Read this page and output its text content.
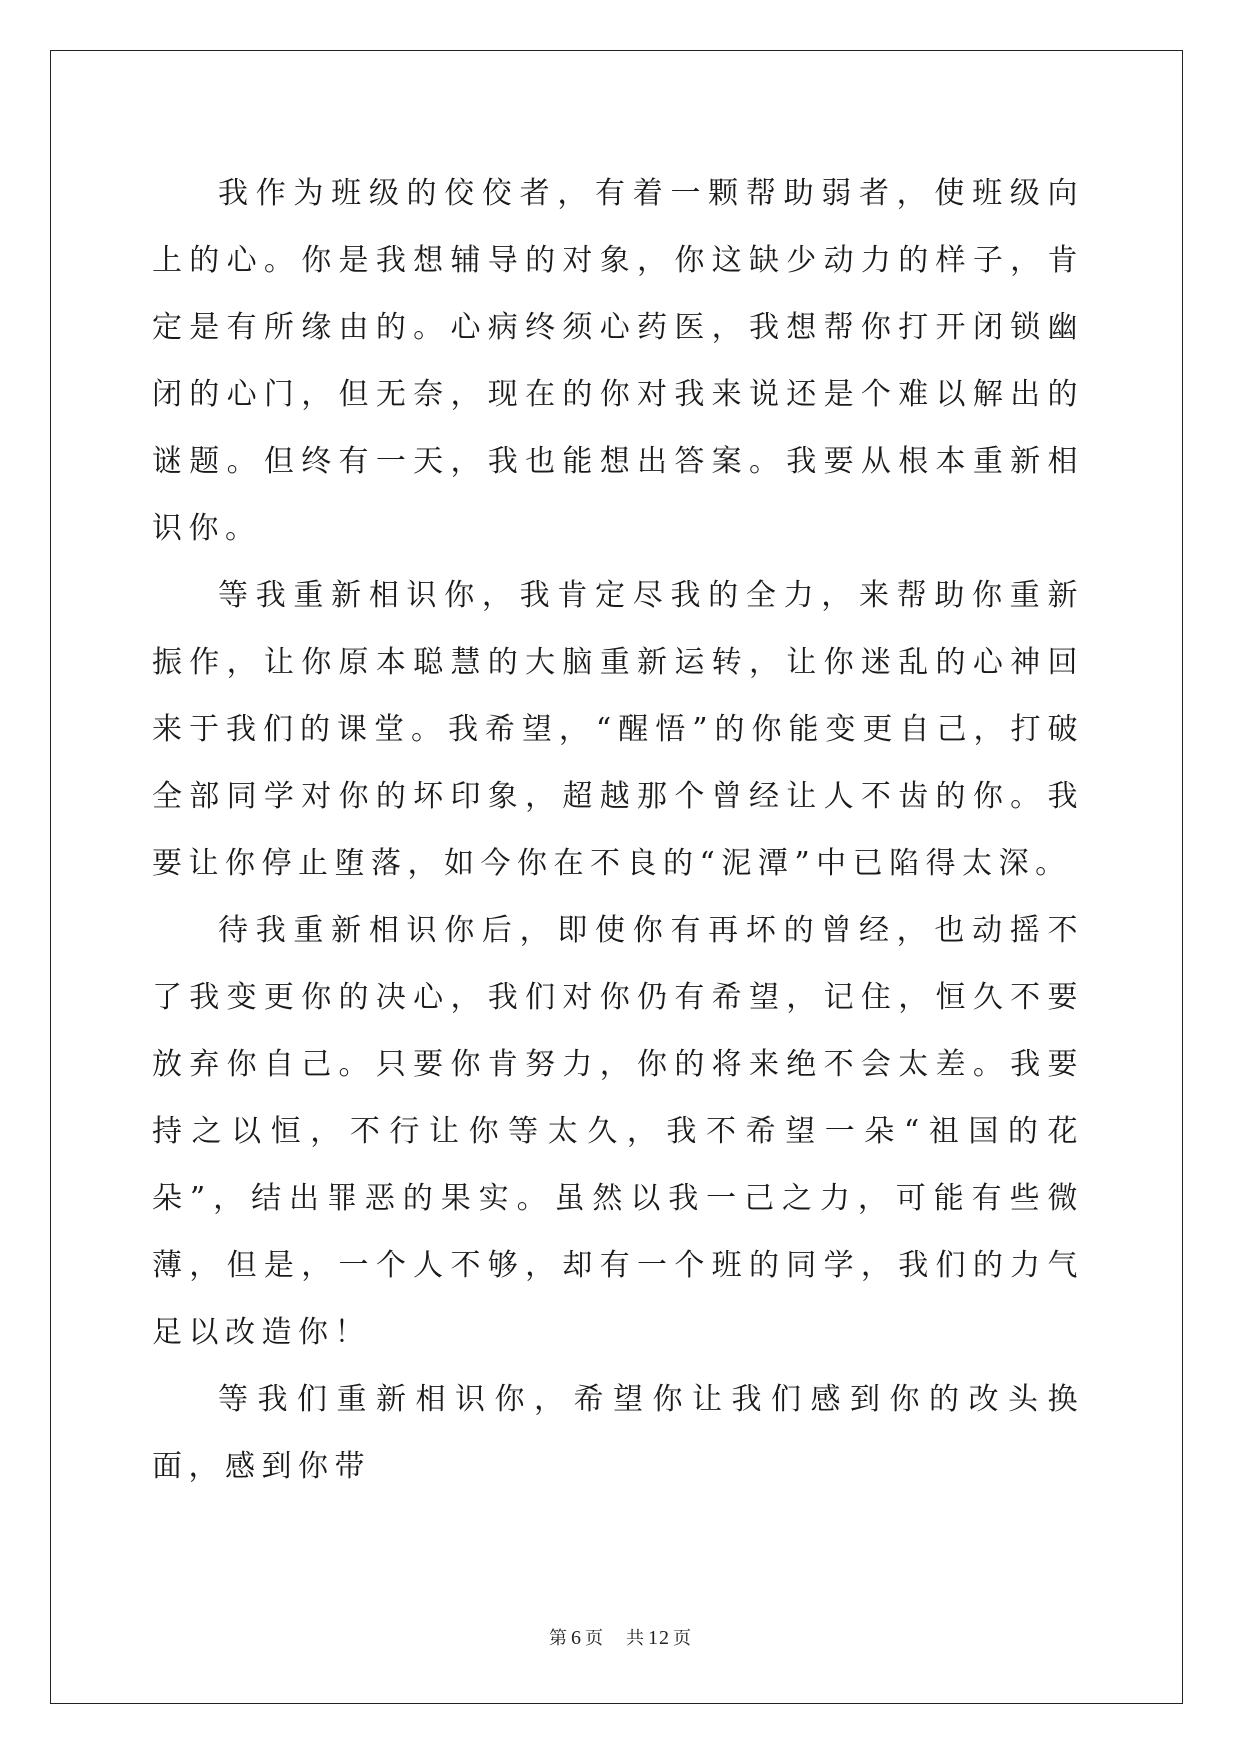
我作为班级的佼佼者，有着一颗帮助弱者，使班级向上的心。你是我想辅导的对象，你这缺少动力的样子，肯定是有所缘由的。心病终须心药医，我想帮你打开闭锁幽闭的心门，但无奈，现在的你对我来说还是个难以解出的谜题。但终有一天，我也能想出答案。我要从根本重新相识你。

等我重新相识你，我肯定尽我的全力，来帮助你重新振作，让你原本聪慧的大脑重新运转，让你迷乱的心神回来于我们的课堂。我希望，“醒悟”的你能变更自己，打破全部同学对你的坏印象，超越那个曾经让人不齿的你。我要让你停止堕落，如今你在不良的“泥潭”中已陷得太深。

待我重新相识你后，即使你有再坏的曾经，也动摇不了我变更你的决心，我们对你仍有希望，记住，恒久不要放弃你自己。只要你肯努力，你的将来绝不会太差。我要持之以恒，不行让你等太久，我不希望一朵“祖国的花朵”，结出罪恶的果实。虽然以我一己之力，可能有些微薄，但是，一个人不够，却有一个班的同学，我们的力气足以改造你！

等我们重新相识你，希望你让我们感到你的改头换面，感到你带

第 6 页 共 12 页
